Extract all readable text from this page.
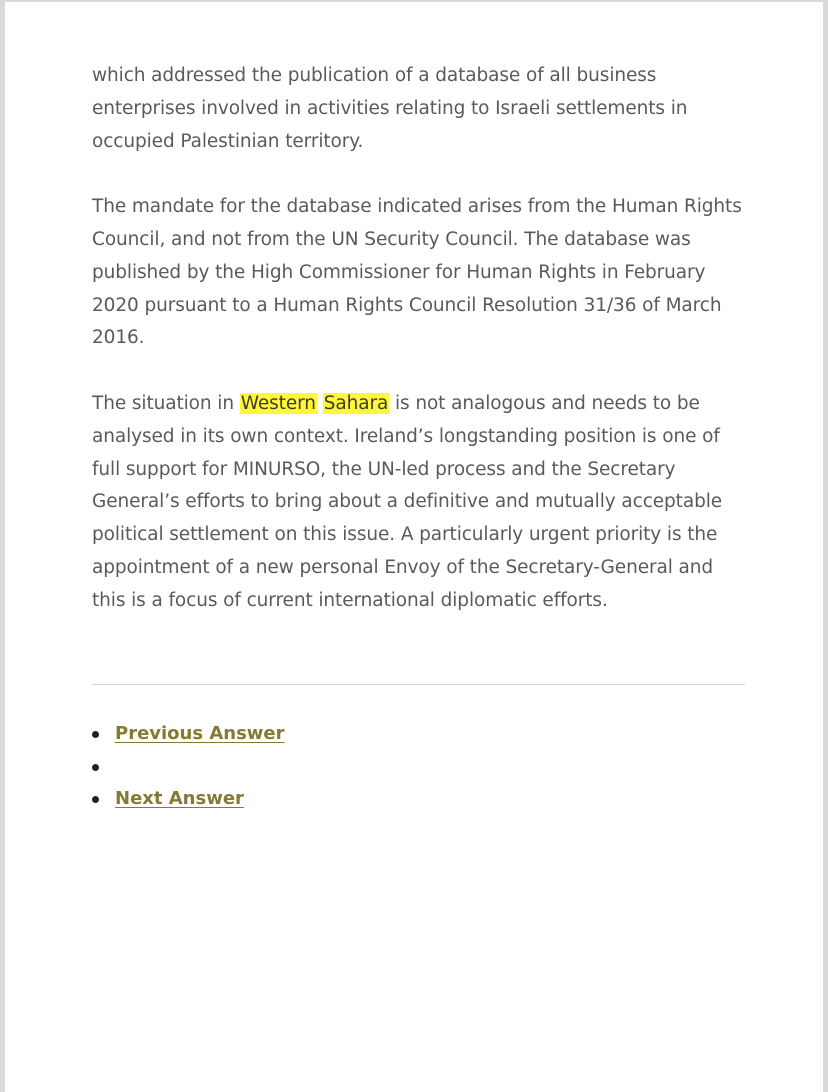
which addressed the publication of a database of all business enterprises involved in activities relating to Israeli settlements in occupied Palestinian territory.

The mandate for the database indicated arises from the Human Rights Council, and not from the UN Security Council. The database was published by the High Commissioner for Human Rights in February 2020 pursuant to a Human Rights Council Resolution 31/36 of March 2016.

The situation in Western Sahara is not analogous and needs to be analysed in its own context. Ireland’s longstanding position is one of full support for MINURSO, the UN-led process and the Secretary General’s efforts to bring about a definitive and mutually acceptable political settlement on this issue. A particularly urgent priority is the appointment of a new personal Envoy of the Secretary-General and this is a focus of current international diplomatic efforts.

Previous Answer
Next Answer
